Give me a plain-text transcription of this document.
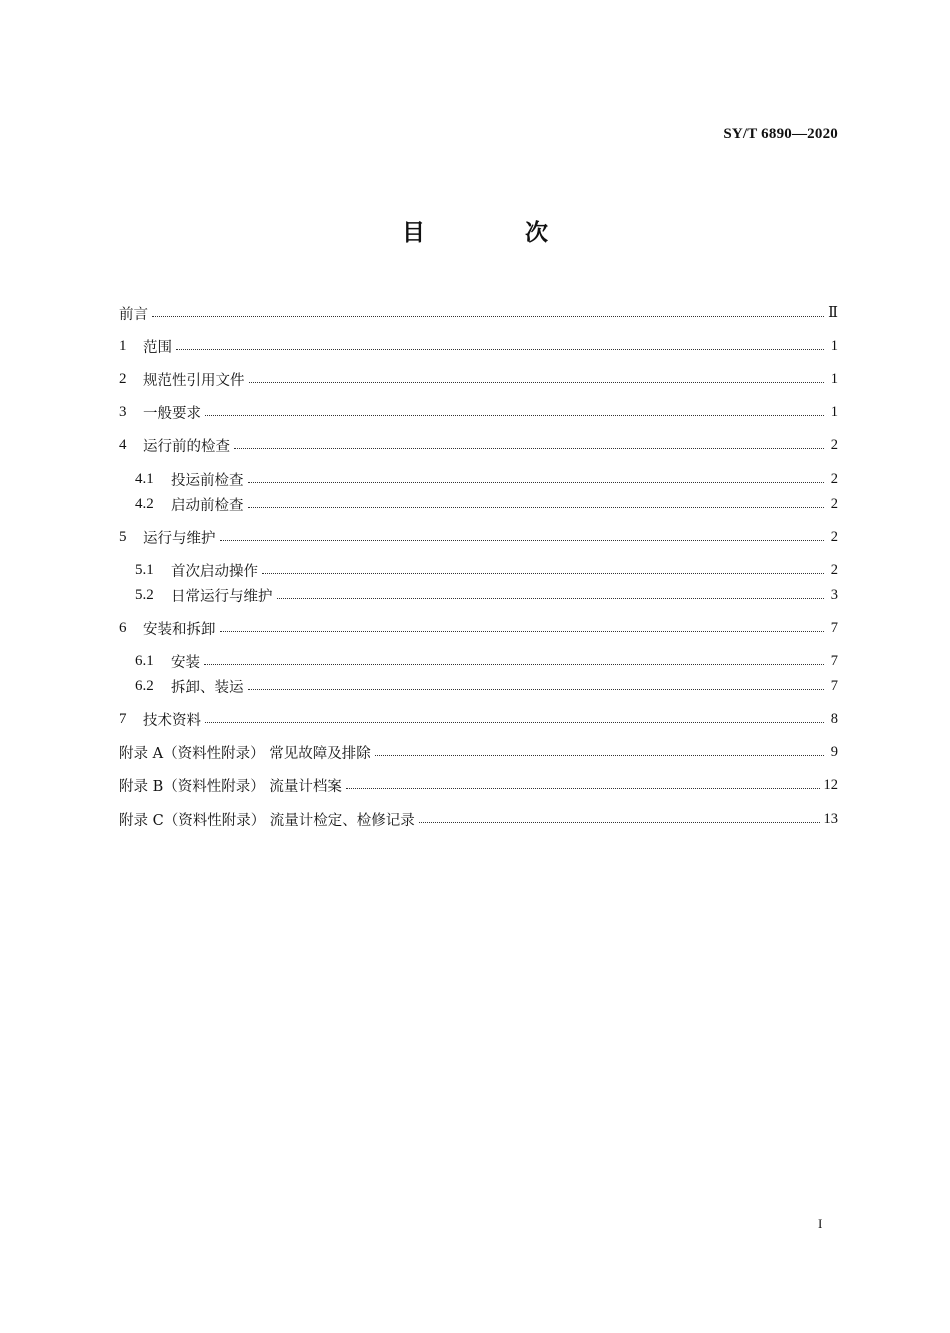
SY/T 6890—2020
目 次
前言	Ⅱ
1	范围	1
2	规范性引用文件	1
3	一般要求	1
4	运行前的检查	2
4.1	投运前检查	2
4.2	启动前检查	2
5	运行与维护	2
5.1	首次启动操作	2
5.2	日常运行与维护	3
6	安装和拆卸	7
6.1	安装	7
6.2	拆卸、装运	7
7	技术资料	8
附录 A（资料性附录） 常见故障及排除	9
附录 B（资料性附录） 流量计档案	12
附录 C（资料性附录） 流量计检定、检修记录	13
I
